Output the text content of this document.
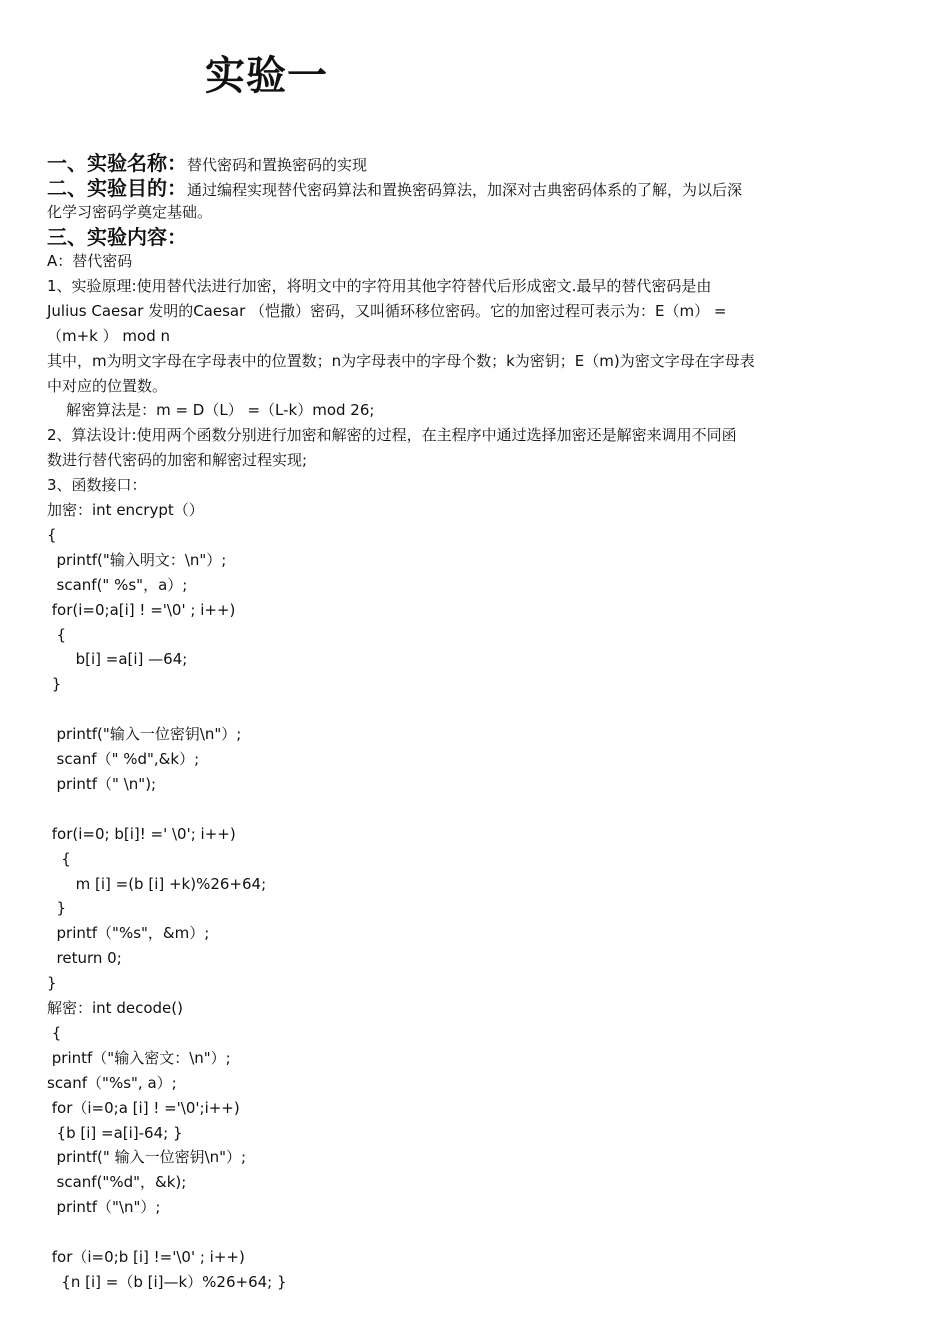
实验一
一、实验名称：替代密码和置换密码的实现
二、实验目的：通过编程实现替代密码算法和置换密码算法，加深对古典密码体系的了解，为以后深
化学习密码学奠定基础。
三、实验内容：
A：替代密码
1、实验原理:使用替代法进行加密，将明文中的字符用其他字符替代后形成密文.最早的替代密码是由
Julius Caesar 发明的Caesar （恺撒）密码，又叫循环移位密码。它的加密过程可表示为：E（m） =
（m+k ） mod n
其中，m为明文字母在字母表中的位置数；n为字母表中的字母个数；k为密钥；E（m)为密文字母在字母表
中对应的位置数。
解密算法是：m = D（L） =（L-k）mod 26;
2、算法设计:使用两个函数分别进行加密和解密的过程，在主程序中通过选择加密还是解密来调用不同函
数进行替代密码的加密和解密过程实现;
3、函数接口：
加密：int encrypt（）
{
printf("输入明文：\n"）;
scanf(" %s"，a）;
for(i=0;a[i] ! ='\0' ; i++)
{
b[i] =a[i] —64;
}
printf("输入一位密钥\n"）;
scanf（" %d",&k）;
printf（" \n");
for(i=0; b[i]! =' \0'; i++)
{
m [i] =(b [i] +k)%26+64;
}
printf（"%s"，&m）;
return 0;
}
解密：int decode()
{
printf（"输入密文：\n"）;
scanf（"%s", a）;
for（i=0;a [i] ! ='\0';i++)
{b [i] =a[i]-64; }
printf(" 输入一位密钥\n"）;
scanf("%d"，&k);
printf（"\n"）;
for（i=0;b [i] !='\0' ; i++)
{n [i] =（b [i]—k）%26+64; }
